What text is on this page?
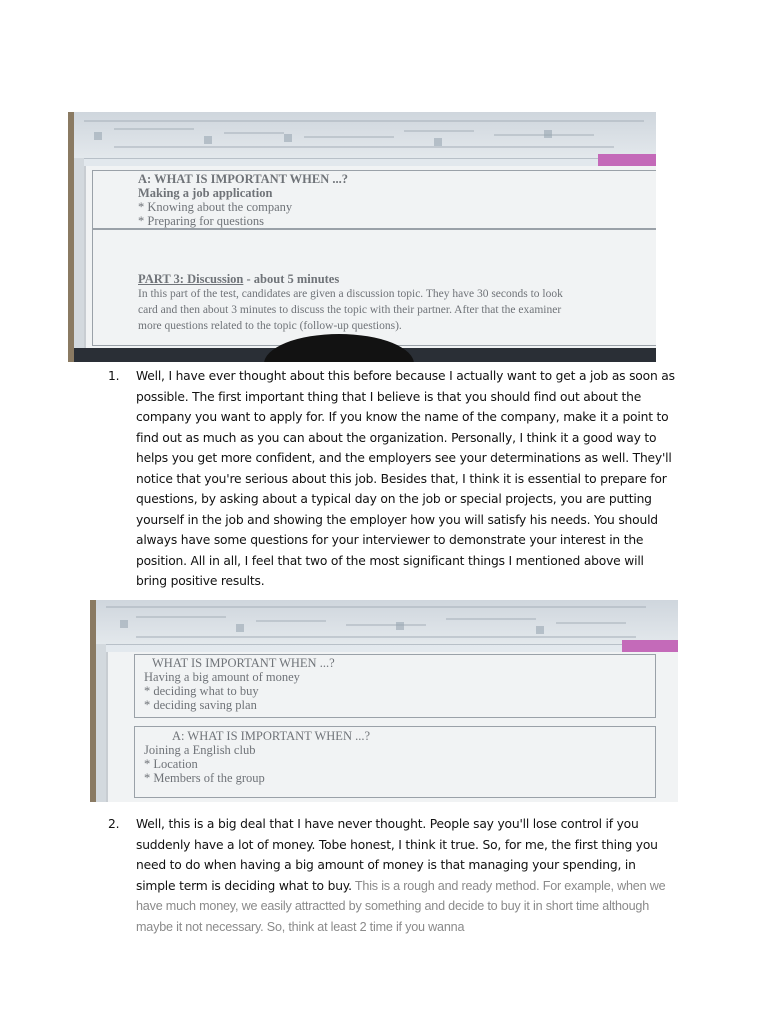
A: WHAT IS IMPORTANT WHEN ...?
Making a job application
* Knowing about the company
* Preparing for questions
PART 3: Discussion - about 5 minutes
In this part of the test, candidates are given a discussion topic. They have 30 seconds to look
card and then about 3 minutes to discuss the topic with their partner. After that the examiner
more questions related to the topic (follow-up questions).
1. Well, I have ever thought about this before because I actually want to get a job as soon as possible. The first important thing that I believe is that you should find out about the company you want to apply for. If you know the name of the company, make it a point to find out as much as you can about the organization. Personally, I think it a good way to helps you get more confident, and the employers see your determinations as well. They'll notice that you're serious about this job. Besides that, I think it is essential to prepare for questions, by asking about a typical day on the job or special projects, you are putting yourself in the job and showing the employer how you will satisfy his needs. You should always have some questions for your interviewer to demonstrate your interest in the position. All in all, I feel that two of the most significant things I mentioned above will bring positive results.

WHAT IS IMPORTANT WHEN ...?
Having a big amount of money
* deciding what to buy
* deciding saving plan
A: WHAT IS IMPORTANT WHEN ...?
Joining a English club
* Location
* Members of the group
2. Well, this is a big deal that I have never thought. People say you'll lose control if you suddenly have a lot of money. Tobe honest, I think it true. So, for me, the first thing you need to do when having a big amount of money is that managing your spending, in simple term is deciding what to buy. This is a rough and ready method. For example, when we have much money, we easily attractted by something and decide to buy it in short time although maybe it not necessary. So, think at least 2 time if you wanna
